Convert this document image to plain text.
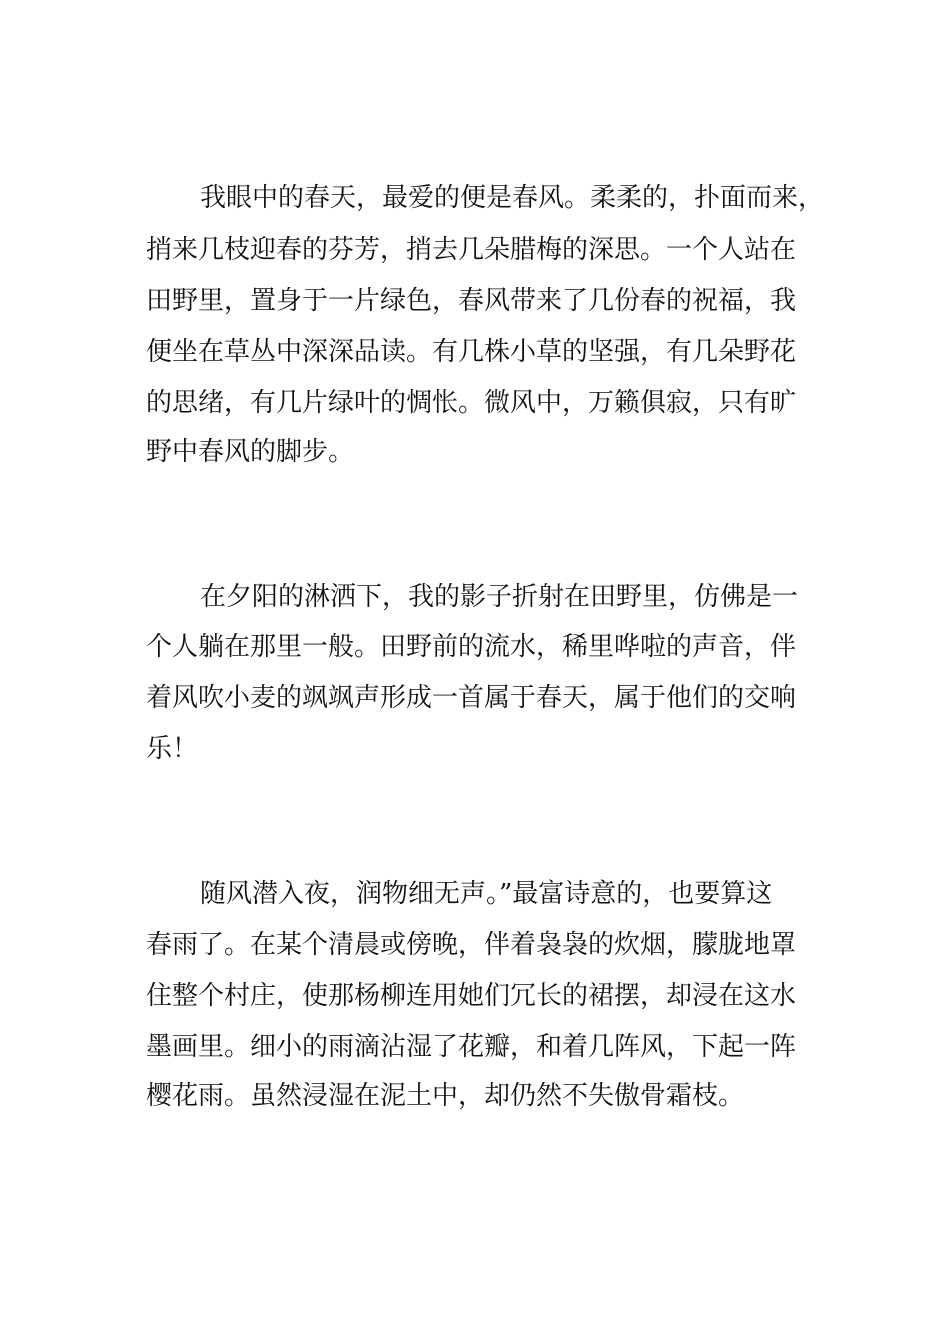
我眼中的春天，最爱的便是春风。柔柔的，扑面而来，
捎来几枝迎春的芬芳，捎去几朵腊梅的深思。一个人站在
田野里，置身于一片绿色，春风带来了几份春的祝福，我
便坐在草丛中深深品读。有几株小草的坚强，有几朵野花
的思绪，有几片绿叶的惆怅。微风中，万籁俱寂，只有旷
野中春风的脚步。
在夕阳的淋洒下，我的影子折射在田野里，仿佛是一
个人躺在那里一般。田野前的流水，稀里哗啦的声音，伴
着风吹小麦的飒飒声形成一首属于春天，属于他们的交响
乐！
随风潜入夜，润物细无声。”最富诗意的，也要算这
春雨了。在某个清晨或傍晚，伴着袅袅的炊烟，朦胧地罩
住整个村庄，使那杨柳连用她们冗长的裙摆，却浸在这水
墨画里。细小的雨滴沾湿了花瓣，和着几阵风，下起一阵
樱花雨。虽然浸湿在泥土中，却仍然不失傲骨霜枝。
